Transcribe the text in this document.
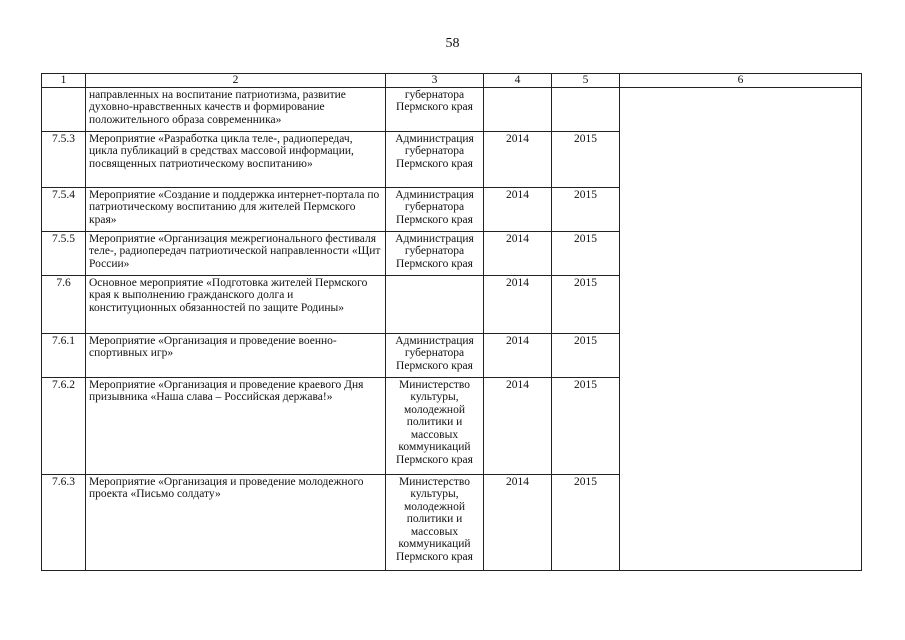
58
1	2	3	4	5	6
	направленных на воспитание патриотизма, развитие духовно-нравственных качеств и формирование положительного образа современника»	губернатора Пермского края			
7.5.3	Мероприятие «Разработка цикла теле-, радиопередач, цикла публикаций в средствах массовой информации, посвященных патриотическому воспитанию»	Администрация губернатора Пермского края	2014	2015	
7.5.4	Мероприятие «Создание и поддержка интернет-портала по патриотическому воспитанию для жителей Пермского края»	Администрация губернатора Пермского края	2014	2015	
7.5.5	Мероприятие «Организация межрегионального фестиваля теле-, радиопередач патриотической направленности «Щит России»	Администрация губернатора Пермского края	2014	2015	
7.6	Основное мероприятие «Подготовка жителей Пермского края к выполнению гражданского долга и конституционных обязанностей по защите Родины»		2014	2015	
7.6.1	Мероприятие «Организация и проведение военно-спортивных игр»	Администрация губернатора Пермского края	2014	2015	
7.6.2	Мероприятие «Организация и проведение краевого Дня призывника «Наша слава – Российская держава!»	Министерство культуры, молодежной политики и массовых коммуникаций Пермского края	2014	2015	
7.6.3	Мероприятие «Организация и проведение молодежного проекта «Письмо солдату»	Министерство культуры, молодежной политики и массовых коммуникаций Пермского края	2014	2015	
